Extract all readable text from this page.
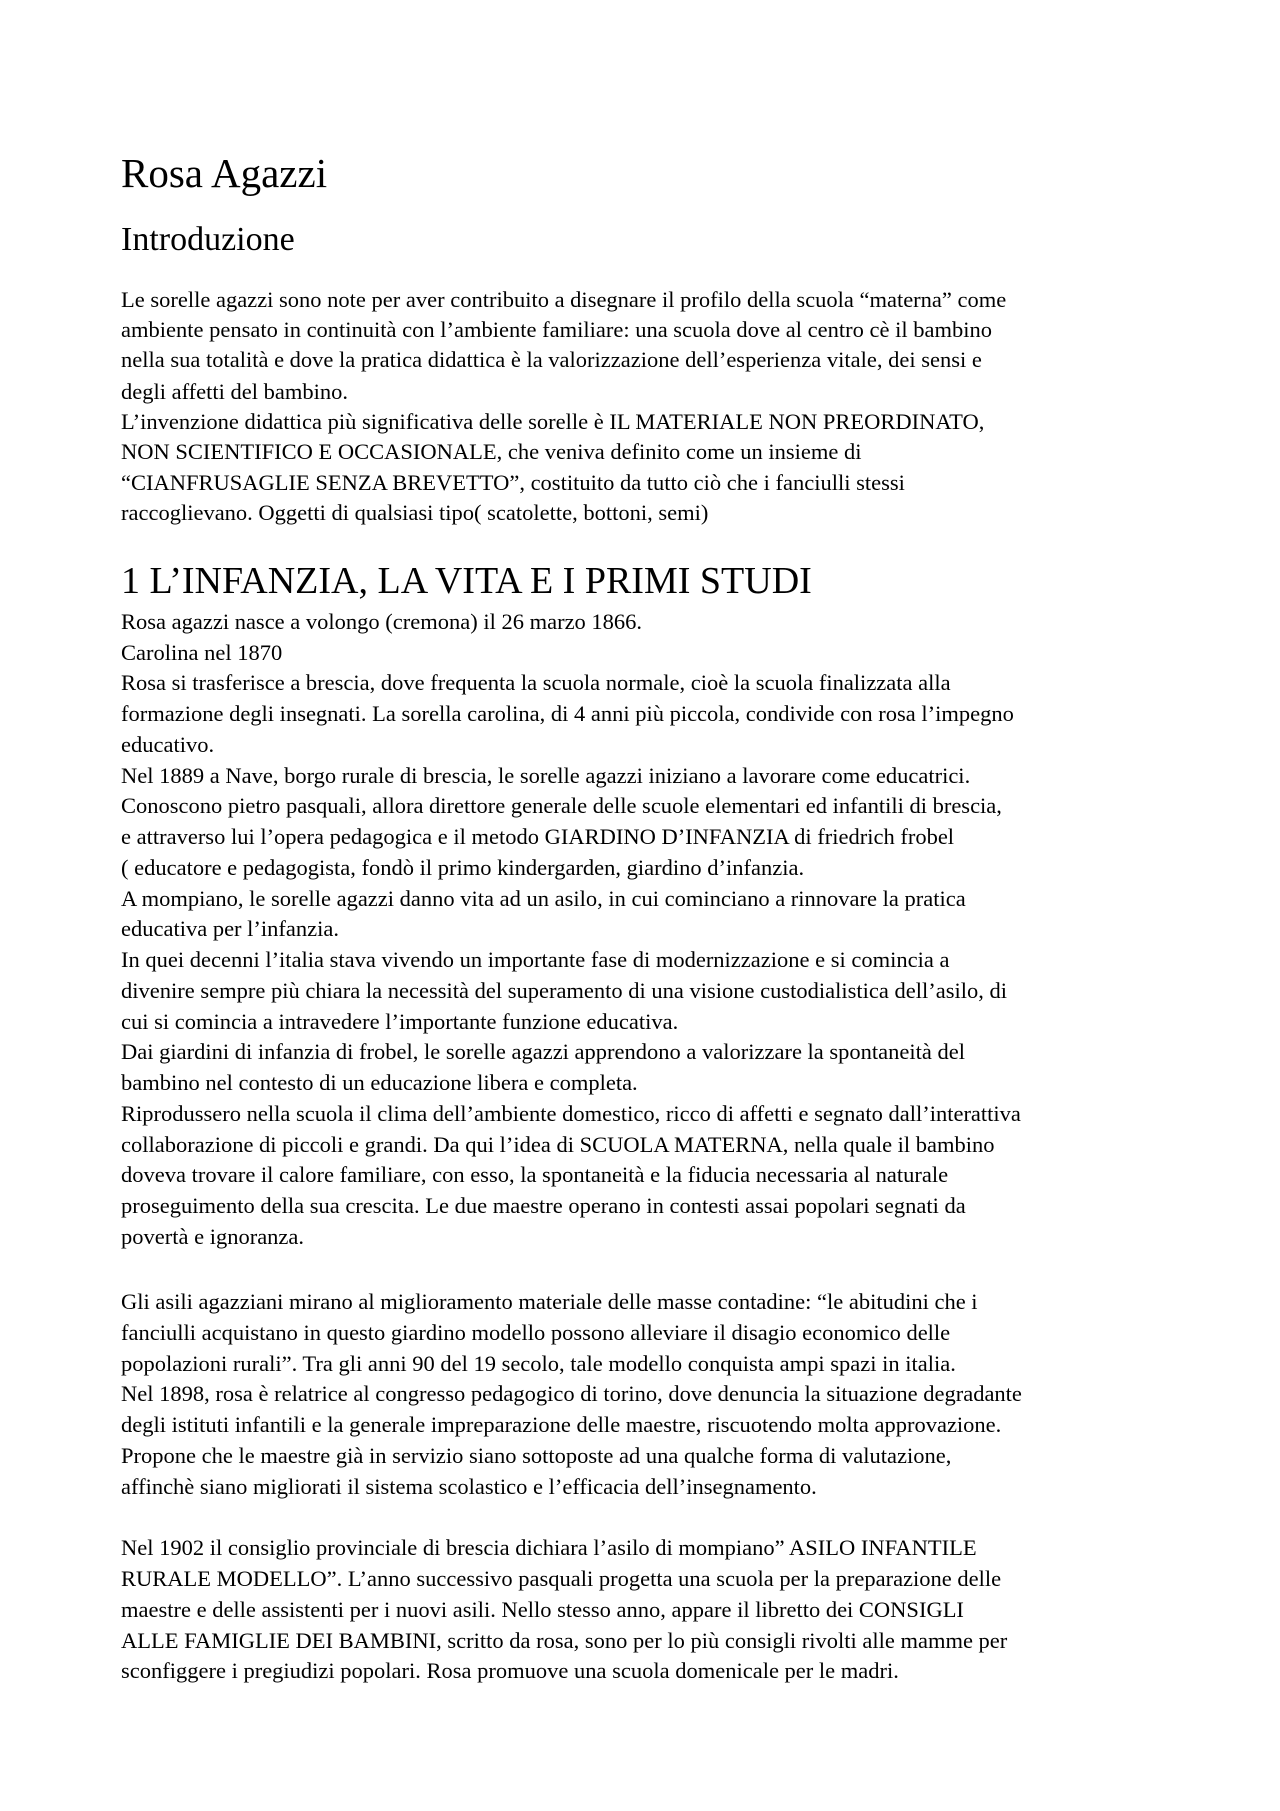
Rosa Agazzi
Introduzione
Le sorelle agazzi sono note per aver contribuito a disegnare il profilo della scuola “materna” come
ambiente pensato in continuità con l’ambiente familiare: una scuola dove al centro cè il bambino
nella sua totalità e dove la pratica didattica è la valorizzazione dell’esperienza vitale, dei sensi e
degli affetti del bambino.
L’invenzione didattica più significativa delle sorelle è IL MATERIALE NON PREORDINATO,
NON SCIENTIFICO E OCCASIONALE, che veniva definito come un insieme di
“CIANFRUSAGLIE SENZA BREVETTO”, costituito da tutto ciò che i fanciulli stessi
raccoglievano. Oggetti di qualsiasi tipo( scatolette, bottoni, semi)
1 L’INFANZIA, LA VITA E I PRIMI STUDI
Rosa agazzi nasce a volongo (cremona) il 26 marzo 1866.
Carolina nel 1870
Rosa si trasferisce a brescia, dove frequenta la scuola normale, cioè la scuola finalizzata alla
formazione degli insegnati. La sorella carolina, di 4 anni più piccola, condivide con rosa l’impegno
educativo.
Nel 1889 a Nave, borgo rurale di brescia, le sorelle agazzi iniziano a lavorare come educatrici.
Conoscono pietro pasquali, allora direttore generale delle scuole elementari ed infantili di brescia,
e attraverso lui l’opera pedagogica e il metodo GIARDINO D’INFANZIA di friedrich frobel
( educatore e pedagogista, fondò il primo kindergarden, giardino d’infanzia.
A mompiano, le sorelle agazzi danno vita ad un asilo, in cui cominciano a rinnovare la pratica
educativa per l’infanzia.
In quei decenni l’italia stava vivendo un importante fase di modernizzazione e si comincia a
divenire sempre più chiara la necessità del superamento di una visione custodialistica dell’asilo, di
cui si comincia a intravedere l’importante funzione educativa.
Dai giardini di infanzia di frobel, le sorelle agazzi apprendono a valorizzare la spontaneità del
bambino nel contesto di un educazione libera e completa.
Riprodussero nella scuola il clima dell’ambiente domestico, ricco di affetti e segnato dall’interattiva
collaborazione di piccoli e grandi. Da qui l’idea di SCUOLA MATERNA, nella quale il bambino
doveva trovare il calore familiare, con esso, la spontaneità e la fiducia necessaria al naturale
proseguimento della sua crescita. Le due maestre operano in contesti assai popolari segnati da
povertà e ignoranza.
Gli asili agazziani mirano al miglioramento materiale delle masse contadine: “le abitudini che i
fanciulli acquistano in questo giardino modello possono alleviare il disagio economico delle
popolazioni rurali”. Tra gli anni 90 del 19 secolo, tale modello conquista ampi spazi in italia.
Nel 1898, rosa è relatrice al congresso pedagogico di torino, dove denuncia la situazione degradante
degli istituti infantili e la generale impreparazione delle maestre, riscuotendo molta approvazione.
Propone che le maestre già in servizio siano sottoposte ad una qualche forma di valutazione,
affinchè siano migliorati il sistema scolastico e l’efficacia dell’insegnamento.
Nel 1902 il consiglio provinciale di brescia dichiara l’asilo di mompiano” ASILO INFANTILE
RURALE MODELLO”. L’anno successivo pasquali progetta una scuola per la preparazione delle
maestre e delle assistenti per i nuovi asili. Nello stesso anno, appare il libretto dei CONSIGLI
ALLE FAMIGLIE DEI BAMBINI, scritto da rosa, sono per lo più consigli rivolti alle mamme per
sconfiggere i pregiudizi popolari. Rosa promuove una scuola domenicale per le madri.
